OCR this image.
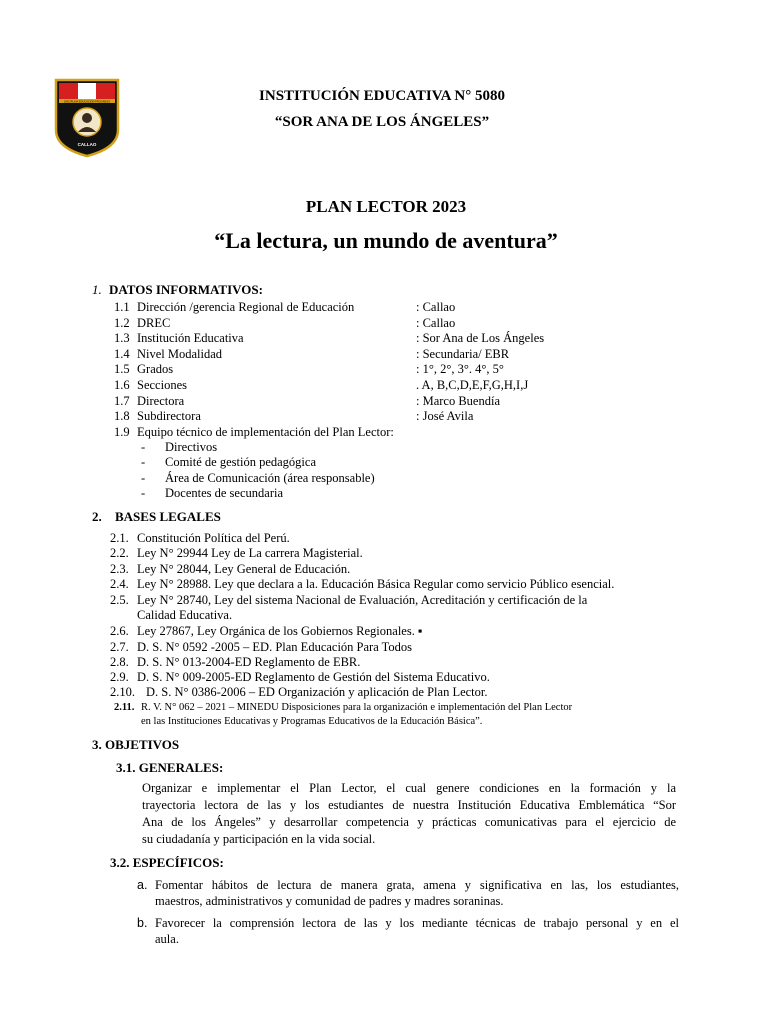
I E
DISCIPLINA EDUCACION PROGRESO
CALLAO
INSTITUCIÓN EDUCATIVA N° 5080
“SOR ANA DE LOS ÁNGELES”
PLAN LECTOR 2023
“La lectura, un mundo de aventura”
1. DATOS INFORMATIVOS:
1.1 Dirección /gerencia Regional de Educación	: Callao
1.2 DREC	: Callao
1.3 Institución Educativa	: Sor Ana de Los Ángeles
1.4 Nivel Modalidad	: Secundaria/ EBR
1.5 Grados	: 1°, 2°, 3°. 4°, 5°
1.6 Secciones	. A, B,C,D,E,F,G,H,I,J
1.7 Directora	: Marco Buendía
1.8 Subdirectora	: José Avila
1.9 Equipo técnico de implementación del Plan Lector:
- Directivos
- Comité de gestión pedagógica
- Área de Comunicación (área responsable)
- Docentes de secundaria
2. BASES LEGALES
2.1. Constitución Política del Perú.
2.2. Ley N° 29944 Ley de La carrera Magisterial.
2.3. Ley N° 28044, Ley General de Educación.
2.4. Ley N° 28988. Ley que declara a la. Educación Básica Regular como servicio Público esencial.
2.5. Ley N° 28740, Ley del sistema Nacional de Evaluación, Acreditación y certificación de la
Calidad Educativa.
2.6. Ley 27867, Ley Orgánica de los Gobiernos Regionales. ▪
2.7. D. S. N° 0592 -2005 – ED. Plan Educación Para Todos
2.8. D. S. N° 013-2004-ED Reglamento de EBR.
2.9. D. S. N° 009-2005-ED Reglamento de Gestión del Sistema Educativo.
2.10. D. S. N° 0386-2006 – ED Organización y aplicación de Plan Lector.
2.11. R. V. N° 062 – 2021 – MINEDU Disposiciones para la organización e implementación del Plan Lector
en las Instituciones Educativas y Programas Educativos de la Educación Básica”.
3. OBJETIVOS
3.1. GENERALES:
Organizar e implementar el Plan Lector, el cual genere condiciones en la formación y la
trayectoria lectora de las y los estudiantes de nuestra Institución Educativa Emblemática “Sor
Ana de los Ángeles” y desarrollar competencia y prácticas comunicativas para el ejercicio de
su ciudadanía y participación en la vida social.
3.2. ESPECÍFICOS:
a. Fomentar hábitos de lectura de manera grata, amena y significativa en las, los estudiantes,
maestros, administrativos y comunidad de padres y madres soraninas.
b. Favorecer la comprensión lectora de las y los mediante técnicas de trabajo personal y en el
aula.
